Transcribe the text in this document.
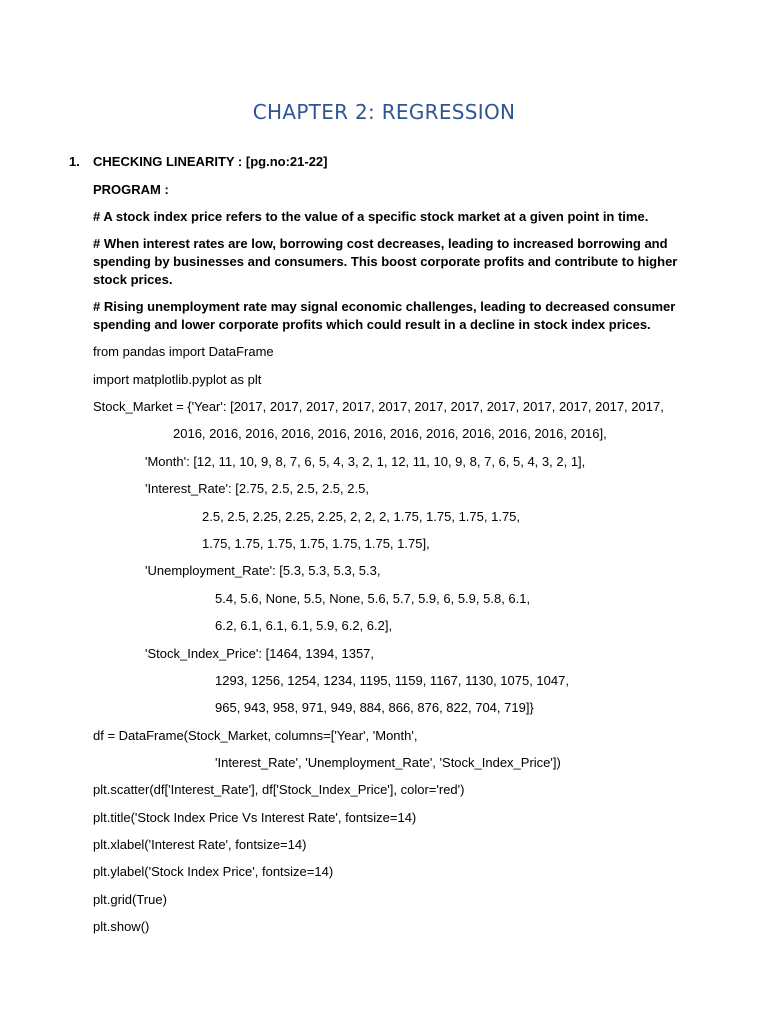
CHAPTER 2: REGRESSION
1. CHECKING LINEARITY : [pg.no:21-22]
PROGRAM :
# A stock index price refers to the value of a specific stock market at a given point in time.
# When interest rates are low, borrowing cost decreases, leading to increased borrowing and spending by businesses and consumers. This boost corporate profits and contribute to higher stock prices.
# Rising unemployment rate may signal economic challenges, leading to decreased consumer spending and lower corporate profits which could result in a decline in stock index prices.
from pandas import DataFrame
import matplotlib.pyplot as plt
Stock_Market = {'Year': [2017, 2017, 2017, 2017, 2017, 2017, 2017, 2017, 2017, 2017, 2017, 2017,
2016, 2016, 2016, 2016, 2016, 2016, 2016, 2016, 2016, 2016, 2016, 2016],
'Month': [12, 11, 10, 9, 8, 7, 6, 5, 4, 3, 2, 1, 12, 11, 10, 9, 8, 7, 6, 5, 4, 3, 2, 1],
'Interest_Rate': [2.75, 2.5, 2.5, 2.5, 2.5,
2.5, 2.5, 2.25, 2.25, 2.25, 2, 2, 2, 1.75, 1.75, 1.75, 1.75,
1.75, 1.75, 1.75, 1.75, 1.75, 1.75, 1.75],
'Unemployment_Rate': [5.3, 5.3, 5.3, 5.3,
5.4, 5.6, None, 5.5, None, 5.6, 5.7, 5.9, 6, 5.9, 5.8, 6.1,
6.2, 6.1, 6.1, 6.1, 5.9, 6.2, 6.2],
'Stock_Index_Price': [1464, 1394, 1357,
1293, 1256, 1254, 1234, 1195, 1159, 1167, 1130, 1075, 1047,
965, 943, 958, 971, 949, 884, 866, 876, 822, 704, 719]}
df = DataFrame(Stock_Market, columns=['Year', 'Month',
'Interest_Rate', 'Unemployment_Rate', 'Stock_Index_Price'])
plt.scatter(df['Interest_Rate'], df['Stock_Index_Price'], color='red')
plt.title('Stock Index Price Vs Interest Rate', fontsize=14)
plt.xlabel('Interest Rate', fontsize=14)
plt.ylabel('Stock Index Price', fontsize=14)
plt.grid(True)
plt.show()
